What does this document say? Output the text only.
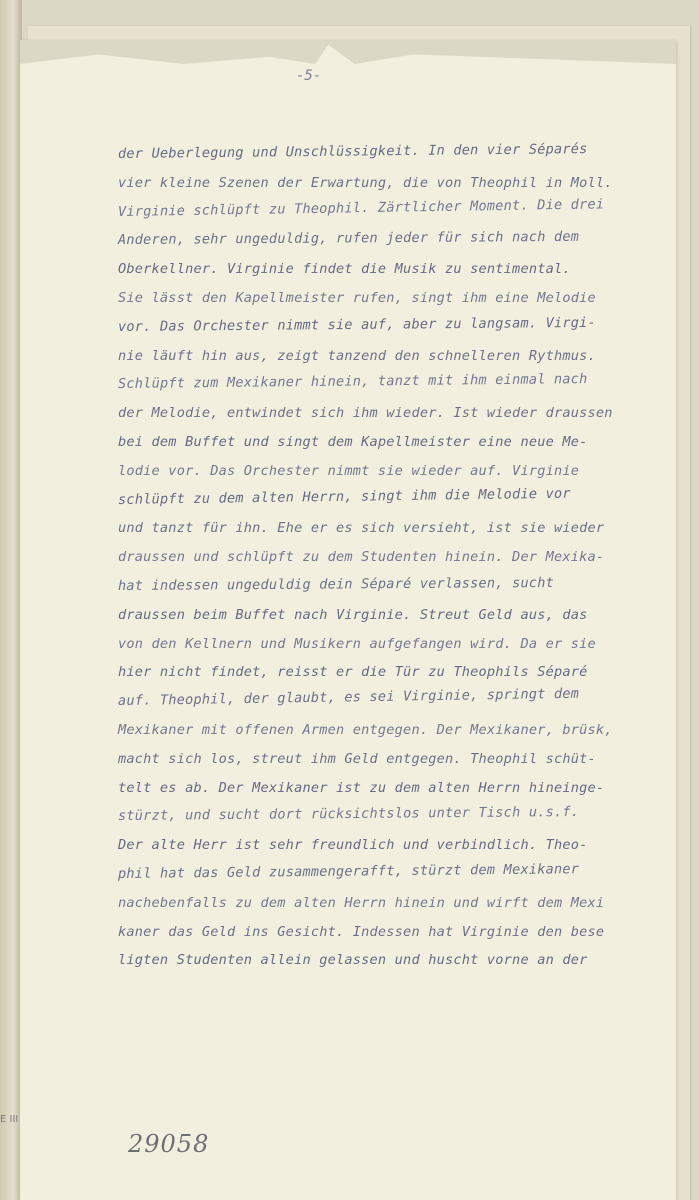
-5-
der Ueberlegung und Unschlüssigkeit. In den vier Séparés
vier kleine Szenen der Erwartung, die von Theophil in Moll.
Virginie schlüpft zu Theophil. Zärtlicher Moment. Die drei
Anderen, sehr ungeduldig, rufen jeder für sich nach dem
Oberkellner. Virginie findet die Musik zu sentimental.
Sie lässt den Kapellmeister rufen, singt ihm eine Melodie
vor. Das Orchester nimmt sie auf, aber zu langsam. Virgi-
nie läuft hin aus, zeigt tanzend den schnelleren Rythmus.
Schlüpft zum Mexikaner hinein, tanzt mit ihm einmal nach
der Melodie, entwindet sich ihm wieder. Ist wieder draussen
bei dem Buffet und singt dem Kapellmeister eine neue Me-
lodie vor. Das Orchester nimmt sie wieder auf. Virginie
schlüpft zu dem alten Herrn, singt ihm die Melodie vor
und tanzt für ihn. Ehe er es sich versieht, ist sie wieder
draussen und schlüpft zu dem Studenten hinein. Der Mexika-
hat indessen ungeduldig dein Séparé verlassen, sucht
draussen beim Buffet nach Virginie. Streut Geld aus, das
von den Kellnern und Musikern aufgefangen wird. Da er sie
hier nicht findet, reisst er die Tür zu Theophils Séparé
auf. Theophil, der glaubt, es sei Virginie, springt dem
Mexikaner mit offenen Armen entgegen. Der Mexikaner, brüsk,
macht sich los, streut ihm Geld entgegen. Theophil schüt-
telt es ab. Der Mexikaner ist zu dem alten Herrn hineinge-
stürzt, und sucht dort rücksichtslos unter Tisch u.s.f.
Der alte Herr ist sehr freundlich und verbindlich. Theo-
phil hat das Geld zusammengerafft, stürzt dem Mexikaner
nachebenfalls zu dem alten Herrn hinein und wirft dem Mexi
kaner das Geld ins Gesicht. Indessen hat Virginie den bese
ligten Studenten allein gelassen und huscht vorne an der
29058
E III
